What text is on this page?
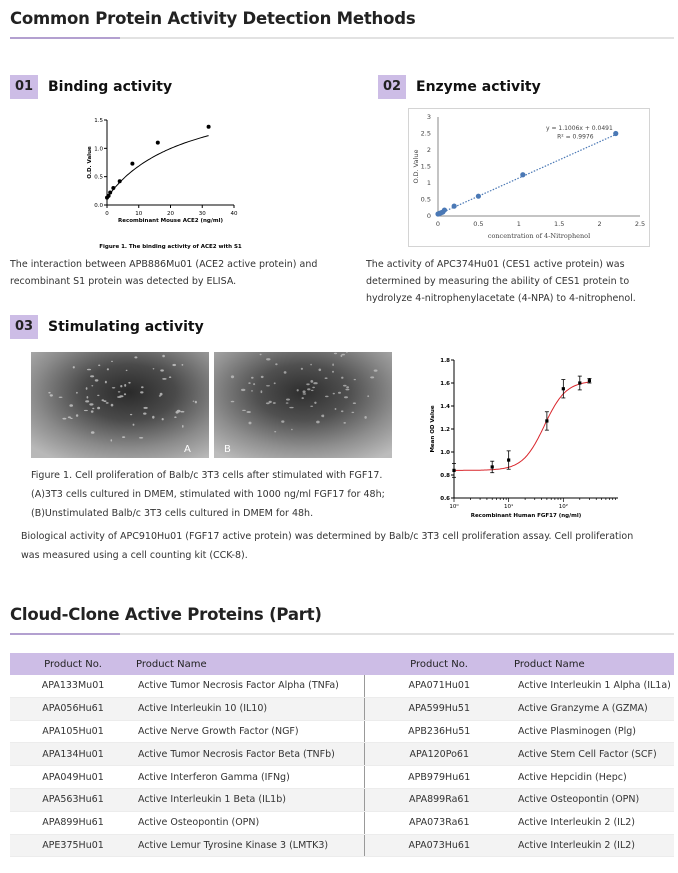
Common Protein Activity Detection Methods
01	Binding activity
0	10	20	30	40
0.0
0.5
1.0
1.5
Recombinant Mouse ACE2 (ng/ml)
O.D. Value
Figure 1. The binding activity of ACE2 with S1
The interaction between APB886Mu01 (ACE2 active protein) and recombinant S1 protein was detected by ELISA.
02	Enzyme activity
0	0.5	1	1.5	2	2.5
0
0.5
1
1.5
2
2.5
3
concentration of 4-Nitrophenol
O.D. Value
y = 1.1006x + 0.0491
R² = 0.9976
The activity of APC374Hu01 (CES1 active protein) was determined by measuring the ability of CES1 protein to hydrolyze 4-nitrophenylacetate (4-NPA) to 4-nitrophenol.
03	Stimulating activity
A	B
Figure 1. Cell proliferation of Balb/c 3T3 cells after stimulated with FGF17.
(A)3T3 cells cultured in DMEM, stimulated with 1000 ng/ml FGF17 for 48h;
(B)Unstimulated Balb/c 3T3 cells cultured in DMEM for 48h.
10⁰	10¹	10²
0.6
0.8
1.0
1.2
1.4
1.6
1.8
Recombinant Human FGF17 (ng/ml)
Mean OD Value
Biological activity of APC910Hu01 (FGF17 active protein) was determined by Balb/c 3T3 cell proliferation assay. Cell proliferation was measured using a cell counting kit (CCK-8).
Cloud-Clone Active Proteins (Part)
Product No.	Product Name	Product No.	Product Name
APA133Mu01	Active Tumor Necrosis Factor Alpha (TNFa)	APA071Hu01	Active Interleukin 1 Alpha (IL1a)
APA056Hu61	Active Interleukin 10 (IL10)	APA599Hu51	Active Granzyme A (GZMA)
APA105Hu01	Active Nerve Growth Factor (NGF)	APB236Hu51	Active Plasminogen (Plg)
APA134Hu01	Active Tumor Necrosis Factor Beta (TNFb)	APA120Po61	Active Stem Cell Factor (SCF)
APA049Hu01	Active Interferon Gamma (IFNg)	APB979Hu61	Active Hepcidin (Hepc)
APA563Hu61	Active Interleukin 1 Beta (IL1b)	APA899Ra61	Active Osteopontin (OPN)
APA899Hu61	Active Osteopontin (OPN)	APA073Ra61	Active Interleukin 2 (IL2)
APE375Hu01	Active Lemur Tyrosine Kinase 3 (LMTK3)	APA073Hu61	Active Interleukin 2 (IL2)
